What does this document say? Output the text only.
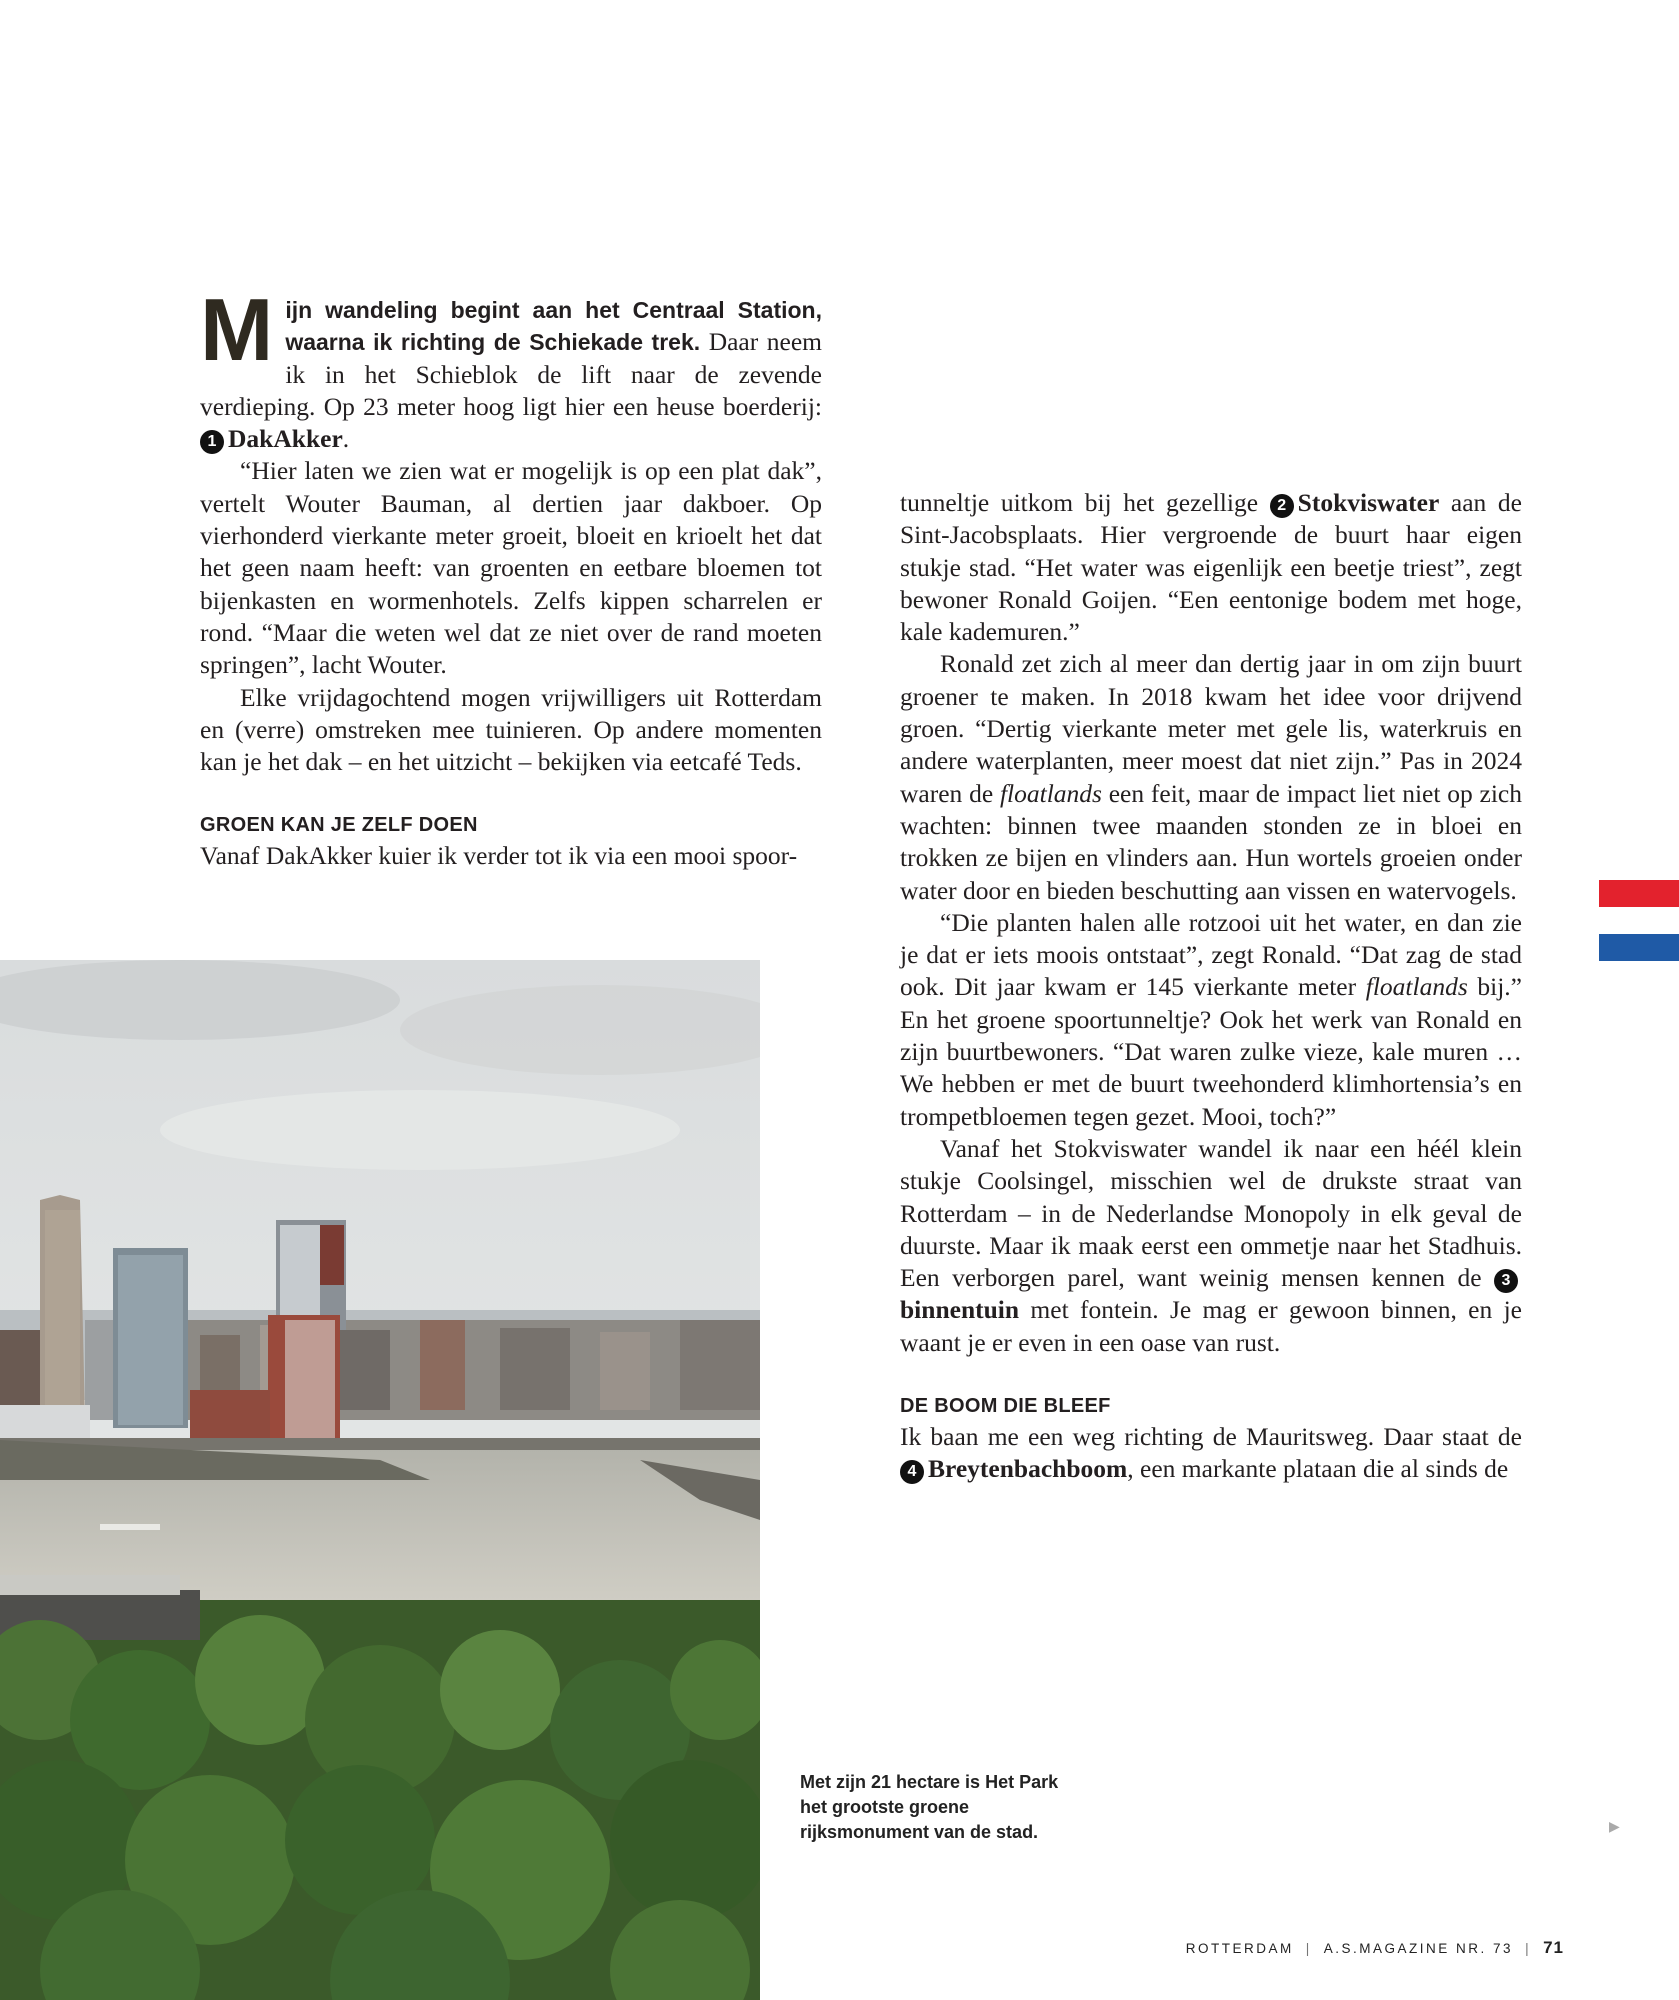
Mijn wandeling begint aan het Centraal Station, waarna ik richting de Schiekade trek. Daar neem ik in het Schieblok de lift naar de zevende verdieping. Op 23 meter hoog ligt hier een heuse boerderij: 1 DakAkker.

“Hier laten we zien wat er mogelijk is op een plat dak”, vertelt Wouter Bauman, al dertien jaar dakboer. Op vierhonderd vierkante meter groeit, bloeit en krioelt het dat het geen naam heeft: van groenten en eetbare bloemen tot bijenkasten en wormenhotels. Zelfs kippen scharrelen er rond. “Maar die weten wel dat ze niet over de rand moeten springen”, lacht Wouter.

Elke vrijdagochtend mogen vrijwilligers uit Rotterdam en (verre) omstreken mee tuinieren. Op andere momenten kan je het dak – en het uitzicht – bekijken via eetcafé Teds.

GROEN KAN JE ZELF DOEN

Vanaf DakAkker kuier ik verder tot ik via een mooi spoor-

tunneltje uitkom bij het gezellige 2 Stokviswater aan de Sint-Jacobsplaats. Hier vergroende de buurt haar eigen stukje stad. “Het water was eigenlijk een beetje triest”, zegt bewoner Ronald Goijen. “Een eentonige bodem met hoge, kale kademuren.”

Ronald zet zich al meer dan dertig jaar in om zijn buurt groener te maken. In 2018 kwam het idee voor drijvend groen. “Dertig vierkante meter met gele lis, waterkruis en andere waterplanten, meer moest dat niet zijn.” Pas in 2024 waren de floatlands een feit, maar de impact liet niet op zich wachten: binnen twee maanden stonden ze in bloei en trokken ze bijen en vlinders aan. Hun wortels groeien onder water door en bieden beschutting aan vissen en watervogels.

“Die planten halen alle rotzooi uit het water, en dan zie je dat er iets moois ontstaat”, zegt Ronald. “Dat zag de stad ook. Dit jaar kwam er 145 vierkante meter floatlands bij.” En het groene spoortunneltje? Ook het werk van Ronald en zijn buurtbewoners. “Dat waren zulke vieze, kale muren … We hebben er met de buurt tweehonderd klimhortensia’s en trompetbloemen tegen gezet. Mooi, toch?”

Vanaf het Stokviswater wandel ik naar een héél klein stukje Coolsingel, misschien wel de drukste straat van Rotterdam – in de Nederlandse Monopoly in elk geval de duurste. Maar ik maak eerst een ommetje naar het Stadhuis. Een verborgen parel, want weinig mensen kennen de 3binnentuin met fontein. Je mag er gewoon binnen, en je waant je er even in een oase van rust.

DE BOOM DIE BLEEF

Ik baan me een weg richting de Mauritsweg. Daar staat de 4 Breytenbachboom, een markante plataan die al sinds de

Met zijn 21 hectare is Het Park het grootste groene rijksmonument van de stad.	▶
ROTTERDAM | A.S.MAGAZINE NR. 73 | 71
